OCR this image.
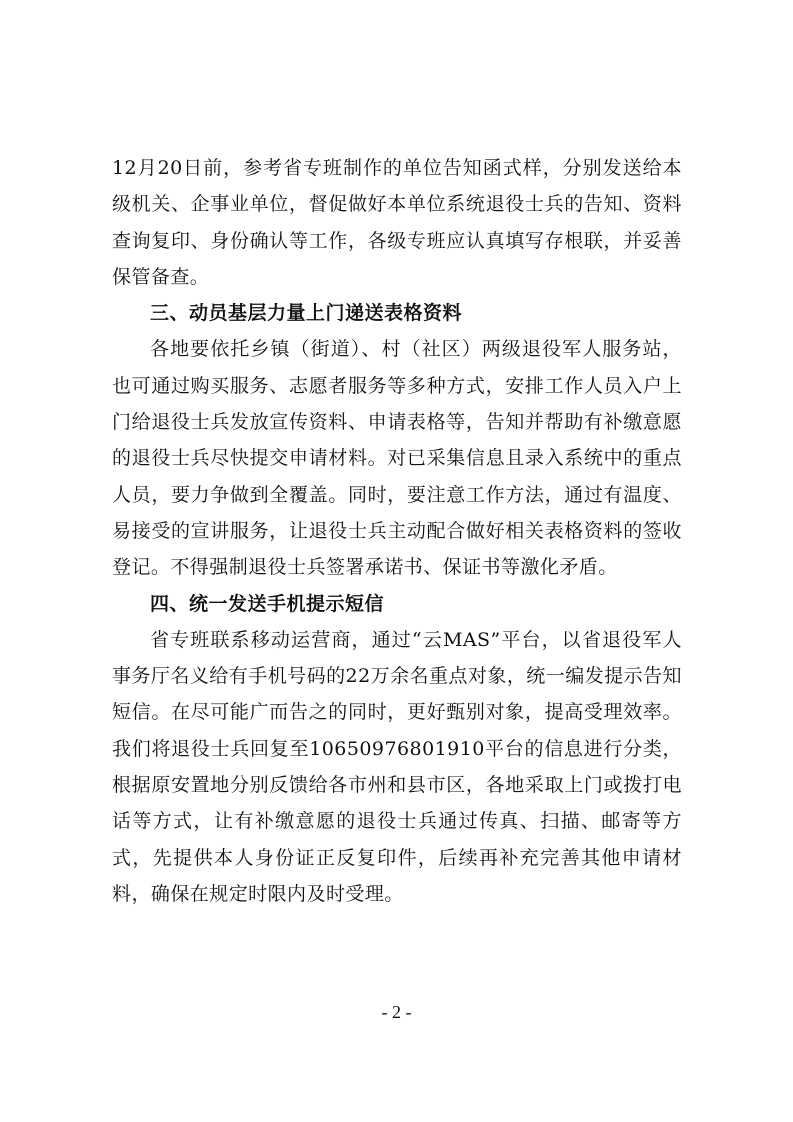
12月20日前，参考省专班制作的单位告知函式样，分别发送给本级机关、企事业单位，督促做好本单位系统退役士兵的告知、资料查询复印、身份确认等工作，各级专班应认真填写存根联，并妥善保管备查。

三、动员基层力量上门递送表格资料

各地要依托乡镇（街道）、村（社区）两级退役军人服务站，也可通过购买服务、志愿者服务等多种方式，安排工作人员入户上门给退役士兵发放宣传资料、申请表格等，告知并帮助有补缴意愿的退役士兵尽快提交申请材料。对已采集信息且录入系统中的重点人员，要力争做到全覆盖。同时，要注意工作方法，通过有温度、易接受的宣讲服务，让退役士兵主动配合做好相关表格资料的签收登记。不得强制退役士兵签署承诺书、保证书等激化矛盾。

四、统一发送手机提示短信

省专班联系移动运营商，通过“云MAS”平台，以省退役军人事务厅名义给有手机号码的22万余名重点对象，统一编发提示告知短信。在尽可能广而告之的同时，更好甄别对象，提高受理效率。我们将退役士兵回复至10650976801910平台的信息进行分类，根据原安置地分别反馈给各市州和县市区，各地采取上门或拨打电话等方式，让有补缴意愿的退役士兵通过传真、扫描、邮寄等方式，先提供本人身份证正反复印件，后续再补充完善其他申请材料，确保在规定时限内及时受理。

- 2 -
